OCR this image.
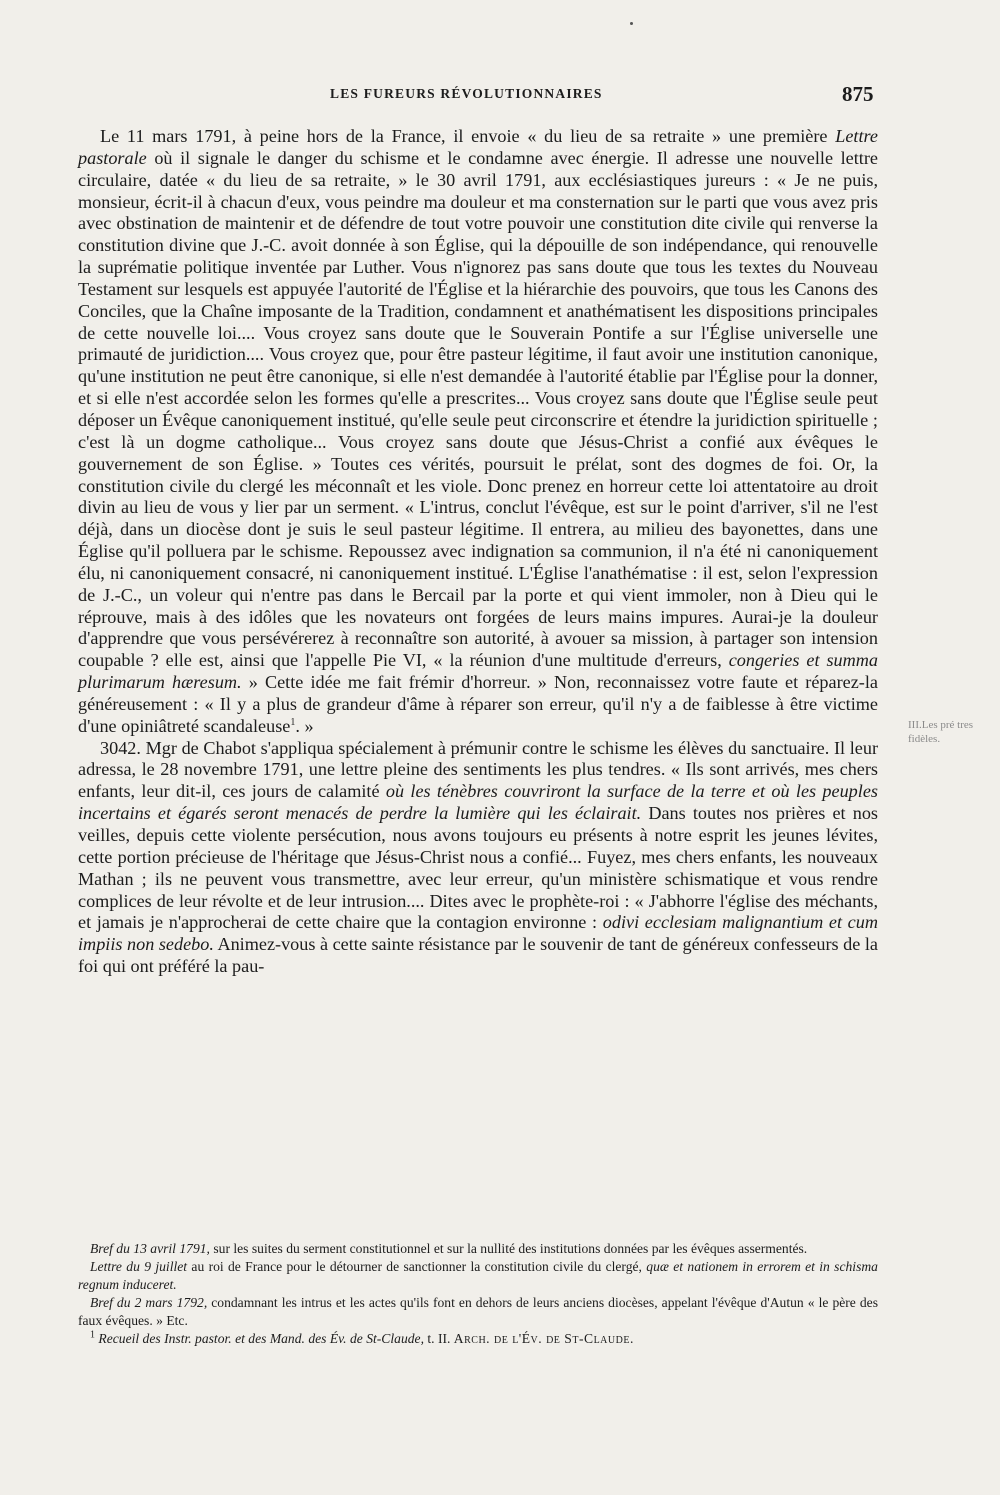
LES FUREURS RÉVOLUTIONNAIRES	875
III.Les pré tres fidèles.

Le 11 mars 1791, à peine hors de la France, il envoie « du lieu de sa retraite » une première Lettre pastorale où il signale le danger du schisme et le condamne avec énergie. Il adresse une nouvelle lettre circulaire, datée « du lieu de sa retraite, » le 30 avril 1791, aux ecclésiastiques jureurs : « Je ne puis, monsieur, écrit-il à chacun d'eux, vous peindre ma douleur et ma consternation sur le parti que vous avez pris avec obstination de maintenir et de défendre de tout votre pouvoir une constitution dite civile qui renverse la constitution divine que J.-C. avoit donnée à son Église, qui la dépouille de son indépendance, qui renouvelle la suprématie politique inventée par Luther. Vous n'ignorez pas sans doute que tous les textes du Nouveau Testament sur lesquels est appuyée l'autorité de l'Église et la hiérarchie des pouvoirs, que tous les Canons des Conciles, que la Chaîne imposante de la Tradition, condamnent et anathématisent les dispositions principales de cette nouvelle loi.... Vous croyez sans doute que le Souverain Pontife a sur l'Église universelle une primauté de juridiction.... Vous croyez que, pour être pasteur légitime, il faut avoir une institution canonique, qu'une institution ne peut être canonique, si elle n'est demandée à l'autorité établie par l'Église pour la donner, et si elle n'est accordée selon les formes qu'elle a prescrites... Vous croyez sans doute que l'Église seule peut déposer un Évêque canoniquement institué, qu'elle seule peut circonscrire et étendre la juridiction spirituelle ; c'est là un dogme catholique... Vous croyez sans doute que Jésus-Christ a confié aux évêques le gouvernement de son Église. » Toutes ces vérités, poursuit le prélat, sont des dogmes de foi. Or, la constitution civile du clergé les méconnaît et les viole. Donc prenez en horreur cette loi attentatoire au droit divin au lieu de vous y lier par un serment. « L'intrus, conclut l'évêque, est sur le point d'arriver, s'il ne l'est déjà, dans un diocèse dont je suis le seul pasteur légitime. Il entrera, au milieu des bayonettes, dans une Église qu'il polluera par le schisme. Repoussez avec indignation sa communion, il n'a été ni canoniquement élu, ni canoniquement consacré, ni canoniquement institué. L'Église l'anathématise : il est, selon l'expression de J.-C., un voleur qui n'entre pas dans le Bercail par la porte et qui vient immoler, non à Dieu qui le réprouve, mais à des idôles que les novateurs ont forgées de leurs mains impures. Aurai-je la douleur d'apprendre que vous persévérerez à reconnaître son autorité, à avouer sa mission, à partager son intension coupable ? elle est, ainsi que l'appelle Pie VI, « la réunion d'une multitude d'erreurs, congeries et summa plurimarum hæresum. » Cette idée me fait frémir d'horreur. » Non, reconnaissez votre faute et réparez-la généreusement : « Il y a plus de grandeur d'âme à réparer son erreur, qu'il n'y a de faiblesse à être victime d'une opiniâtreté scandaleuse$^1$. »

3042. Mgr de Chabot s'appliqua spécialement à prémunir contre le schisme les élèves du sanctuaire. Il leur adressa, le 28 novembre 1791, une lettre pleine des sentiments les plus tendres. « Ils sont arrivés, mes chers enfants, leur dit-il, ces jours de calamité où les ténèbres couvriront la surface de la terre et où les peuples incertains et égarés seront menacés de perdre la lumière qui les éclairait. Dans toutes nos prières et nos veilles, depuis cette violente persécution, nous avons toujours eu présents à notre esprit les jeunes lévites, cette portion précieuse de l'héritage que Jésus-Christ nous a confié... Fuyez, mes chers enfants, les nouveaux Mathan ; ils ne peuvent vous transmettre, avec leur erreur, qu'un ministère schismatique et vous rendre complices de leur révolte et de leur intrusion.... Dites avec le prophète-roi : « J'abhorre l'église des méchants, et jamais je n'approcherai de cette chaire que la contagion environne : odivi ecclesiam malignantium et cum impiis non sedebo. Animez-vous à cette sainte résistance par le souvenir de tant de généreux confesseurs de la foi qui ont préféré la pau-

Bref du 13 avril 1791, sur les suites du serment constitutionnel et sur la nullité des institutions données par les évêques assermentés.

Lettre du 9 juillet au roi de France pour le détourner de sanctionner la constitution civile du clergé, quæ et nationem in errorem et in schisma regnum induceret.

Bref du 2 mars 1792, condamnant les intrus et les actes qu'ils font en dehors de leurs anciens diocèses, appelant l'évêque d'Autun « le père des faux évêques. » Etc.

$^1$ Recueil des Instr. pastor. et des Mand. des Év. de St-Claude, t. II. Arch. de l'Év. de St-Claude.
